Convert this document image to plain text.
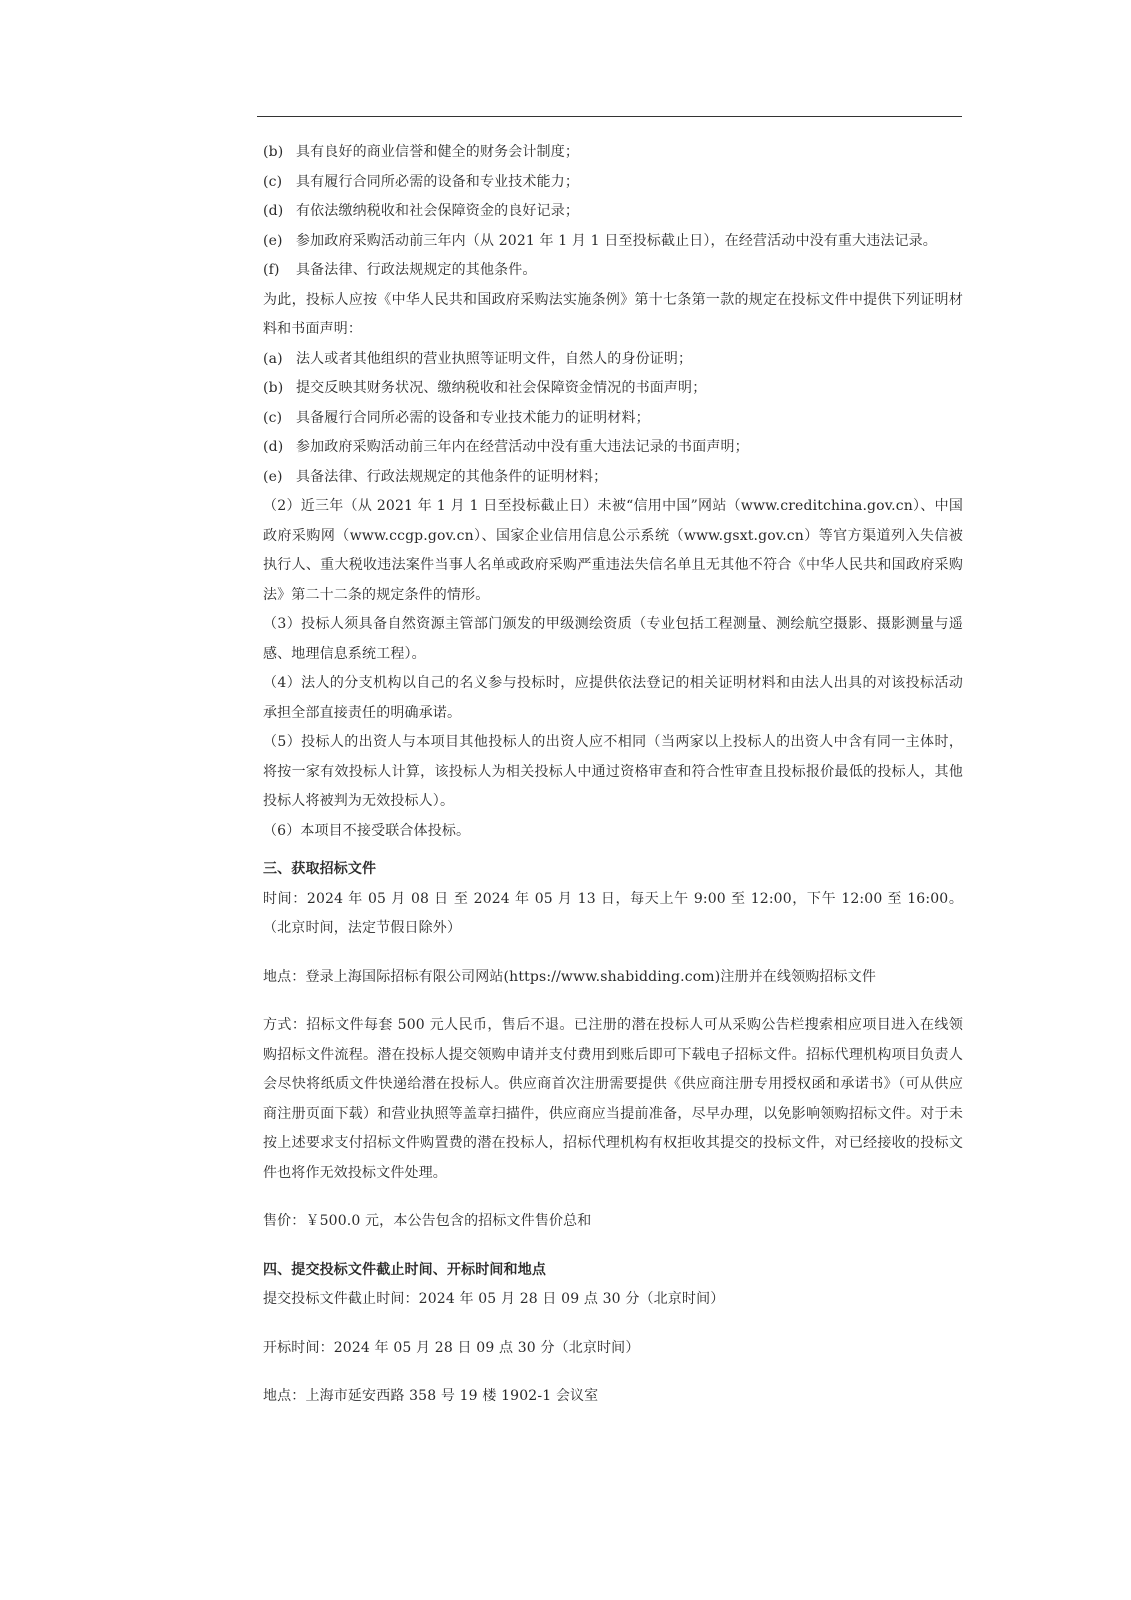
(b) 具有良好的商业信誉和健全的财务会计制度；

(c) 具有履行合同所必需的设备和专业技术能力；

(d) 有依法缴纳税收和社会保障资金的良好记录；

(e) 参加政府采购活动前三年内（从 2021 年 1 月 1 日至投标截止日），在经营活动中没有重大违法记录。

(f) 具备法律、行政法规规定的其他条件。

为此，投标人应按《中华人民共和国政府采购法实施条例》第十七条第一款的规定在投标文件中提供下列证明材料和书面声明：

(a) 法人或者其他组织的营业执照等证明文件，自然人的身份证明；

(b) 提交反映其财务状况、缴纳税收和社会保障资金情况的书面声明；

(c) 具备履行合同所必需的设备和专业技术能力的证明材料；

(d) 参加政府采购活动前三年内在经营活动中没有重大违法记录的书面声明；

(e) 具备法律、行政法规规定的其他条件的证明材料；

（2）近三年（从 2021 年 1 月 1 日至投标截止日）未被“信用中国”网站（www.creditchina.gov.cn）、中国政府采购网（www.ccgp.gov.cn）、国家企业信用信息公示系统（www.gsxt.gov.cn）等官方渠道列入失信被执行人、重大税收违法案件当事人名单或政府采购严重违法失信名单且无其他不符合《中华人民共和国政府采购法》第二十二条的规定条件的情形。

（3）投标人须具备自然资源主管部门颁发的甲级测绘资质（专业包括工程测量、测绘航空摄影、摄影测量与遥感、地理信息系统工程）。

（4）法人的分支机构以自己的名义参与投标时，应提供依法登记的相关证明材料和由法人出具的对该投标活动承担全部直接责任的明确承诺。

（5）投标人的出资人与本项目其他投标人的出资人应不相同（当两家以上投标人的出资人中含有同一主体时，将按一家有效投标人计算，该投标人为相关投标人中通过资格审查和符合性审查且投标报价最低的投标人，其他投标人将被判为无效投标人）。

（6）本项目不接受联合体投标。

三、获取招标文件

时间：2024 年 05 月 08 日 至 2024 年 05 月 13 日，每天上午 9:00 至 12:00，下午 12:00 至 16:00。（北京时间，法定节假日除外）

地点：登录上海国际招标有限公司网站(https://www.shabidding.com)注册并在线领购招标文件

方式：招标文件每套 500 元人民币，售后不退。已注册的潜在投标人可从采购公告栏搜索相应项目进入在线领购招标文件流程。潜在投标人提交领购申请并支付费用到账后即可下载电子招标文件。招标代理机构项目负责人会尽快将纸质文件快递给潜在投标人。供应商首次注册需要提供《供应商注册专用授权函和承诺书》（可从供应商注册页面下载）和营业执照等盖章扫描件，供应商应当提前准备，尽早办理，以免影响领购招标文件。对于未按上述要求支付招标文件购置费的潜在投标人，招标代理机构有权拒收其提交的投标文件，对已经接收的投标文件也将作无效投标文件处理。

售价：￥500.0 元，本公告包含的招标文件售价总和

四、提交投标文件截止时间、开标时间和地点

提交投标文件截止时间：2024 年 05 月 28 日 09 点 30 分（北京时间）

开标时间：2024 年 05 月 28 日 09 点 30 分（北京时间）

地点：上海市延安西路 358 号 19 楼 1902-1 会议室
